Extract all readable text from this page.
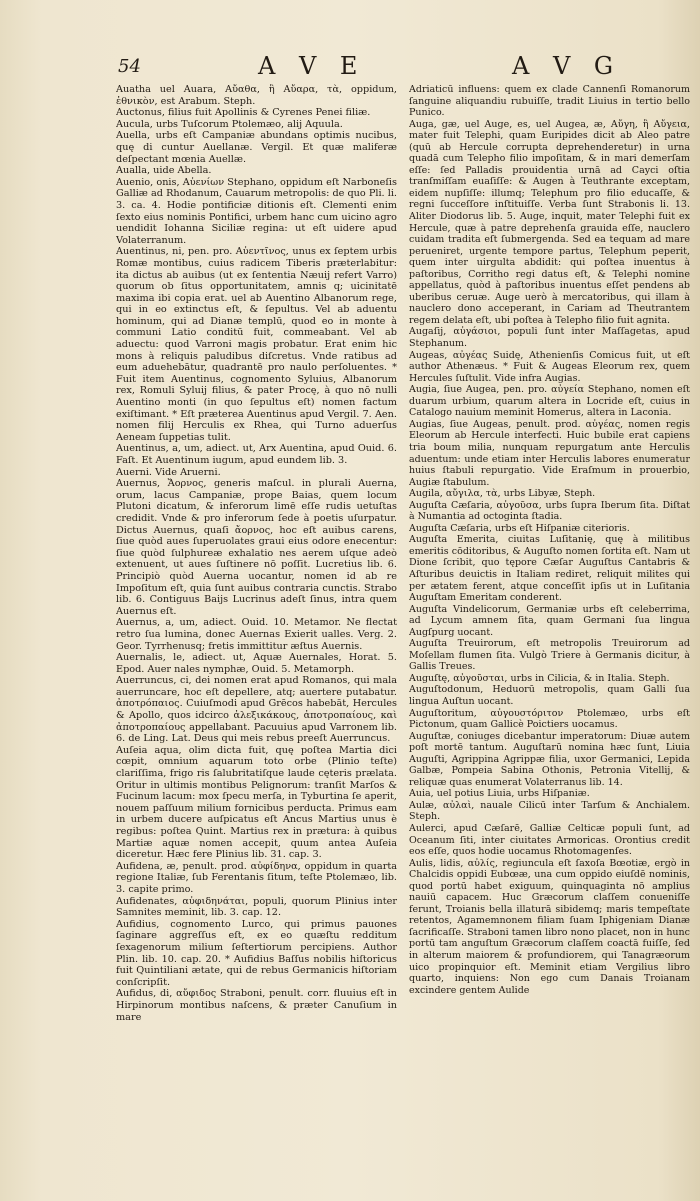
54	A V E	A V G
Auatha uel Auara, Αὔαθα, ἢ Αὔαρα, τὰ, oppidum, ἐθνικὸν, est Arabum. Steph.
Auctonus, filius fuit Apollinis & Cyrenes Penei filiæ.
Aucula, urbs Tuſcorum Ptolemæo, alij Aquula.
Auella, urbs eſt Campaniæ abundans optimis nucibus, quę di cuntur Auellanæ. Vergil. Et quæ maliferæ deſpectant mœnia Auellæ.
Aualla, uide Abella.
Auenio, onis, Αὐενίων Stephano, oppidum eſt Narboneſis Galliæ ad Rhodanum, Cauarum metropolis: de quo Pli. li. 3. ca. 4. Hodie pontificiæ ditionis eſt. Clementi enim ſexto eius nominis Pontifici, urbem hanc cum uicino agro uendidit Iohanna Siciliæ regina: ut eſt uidere apud Volaterranum.
Auentinus, ni, pen. pro. Αὐεντῖνος, unus ex ſeptem urbis Romæ montibus, cuius radicem Tiberis præterlabitur: ita dictus ab auibus (ut ex ſententia Næuij refert Varro) quorum ob ſitus opportunitatem, amnis q; uicinitatē maxima ibi copia erat. uel ab Auentino Albanorum rege, qui in eo extinctus eſt, & ſepultus. Vel ab aduentu hominum, qui ad Dianæ templū, quod eo in monte à communi Latio conditū fuit, commeabant. Vel ab aduectu: quod Varroni magis probatur. Erat enim hic mons à reliquis paludibus diſcretus. Vnde ratibus ad eum aduehebātur, quadrantē pro naulo perſoluentes. * Fuit item Auentinus, cognomento Syluius, Albanorum rex, Romuli Syluij filius, & pater Procę, à quo nō nulli Auentino monti (in quo ſepultus eſt) nomen factum exiſtimant. * Eſt præterea Auentinus apud Vergil. 7. Aen. nomen filij Herculis ex Rhea, qui Turno aduerſus Aeneam ſuppetias tulit.
Auentinus, a, um, adiect. ut, Arx Auentina, apud Ouid. 6. Faſt. Et Auentinum iugum, apud eundem lib. 3.
Auerni. Vide Aruerni.
Auernus, Ἄορνος, generis maſcul. in plurali Auerna, orum, lacus Campaniæ, prope Baias, quem locum Plutoni dicatum, & inferorum limē eſſe rudis uetuſtas credidit. Vnde & pro inferorum ſede à poetis uſurpatur. Dictus Auernus, quaſi ἄορνος, hoc eſt auibus carens, ſiue quòd aues ſuperuolates graui eius odore enecentur: ſiue quòd ſulphureæ exhalatio nes aerem uſque adeò extenuent, ut aues ſuſtinere nō poſſit. Lucretius lib. 6. Principiò quòd Auerna uocantur, nomen id ab re Impoſitum eſt, quia ſunt auibus contraria cunctis. Strabo lib. 6. Contiguus Baijs Lucrinus adeſt ſinus, intra quem Auernus eſt.
Auernus, a, um, adiect. Ouid. 10. Metamor. Ne flectat retro ſua lumina, donec Auernas Exierit ualles. Verg. 2. Geor. Tyrrhenusq; fretis immittitur æſtus Auernis.
Auernalis, le, adiect. ut, Aquæ Auernales, Horat. 5. Epod. Auer nales nymphæ, Ouid. 5. Metamorph.
Auerruncus, ci, dei nomen erat apud Romanos, qui mala auerruncare, hoc eſt depellere, atq; auertere putabatur. ἀποτρόπαιος. Cuiuſmodi apud Grēcos habebāt, Hercules & Apollo, quos idcirco ἀλεξικάκους, ἀποτροπαίους, καὶ ἀποτροπαίους appellabant. Pacuuius apud Varronem lib. 6. de Ling. Lat. Deus qui meis rebus preeſt Auerruncus.
Auſeia aqua, olim dicta fuit, quę poſtea Martia dici cœpit, omnium aquarum toto orbe (Plinio teſte) clariſſima, frigo ris ſalubritatiſque laude cęteris prælata. Oritur in ultimis montibus Pelignorum: tranſit Marſos & Fucinum lacum: mox ſpecu merſa, in Tyburtina ſe aperit, nouem paſſuum milium fornicibus perducta. Primus eam in urbem ducere auſpicatus eſt Ancus Martius unus è regibus: poſtea Quint. Martius rex in prætura: à quibus Martiæ aquæ nomen accepit, quum antea Auſeia diceretur. Hæc fere Plinius lib. 31. cap. 3.
Aufidena, æ, penult. prod. αὐφίδηνα, oppidum in quarta regione Italiæ, ſub Ferentanis ſitum, teſte Ptolemæo, lib. 3. capite primo.
Aufidenates, αὐφιδηνάται, populi, quorum Plinius inter Samnites meminit, lib. 3. cap. 12.
Aufidius, cognomento Lurco, qui primus pauones ſaginare aggreſſus eſt, ex eo quæſtu redditum ſexagenorum milium ſeſtertiorum percipiens. Author Plin. lib. 10. cap. 20. * Aufidius Baſſus nobilis hiſtoricus fuit Quintiliani ætate, qui de rebus Germanicis hiſtoriam conſcripſit.
Aufidus, di, αὔφιδος Straboni, penult. corr. fluuius eſt in Hirpinorum montibus naſcens, & præter Canuſium in mare
Adriaticū influens: quem ex clade Cannenſi Romanorum ſanguine aliquandiu rubuiſſe, tradit Liuius in tertio bello Punico.
Auga, gæ, uel Auge, es, uel Augea, æ, Αὔγη, ἢ Αὔγεια, mater fuit Telephi, quam Euripides dicit ab Aleo patre (quū ab Hercule corrupta deprehenderetur) in urna quadā cum Telepho filio impoſitam, & in mari demerſam eſſe: ſed Palladis prouidentia urnā ad Cayci oſtia tranſmiſſam euaſiſſe: & Augen à Teuthrante exceptam, eidem nupſiſſe: illumq; Telephum pro filio educaſſe, & regni ſucceſſore inſtituiſſe. Verba ſunt Strabonis li. 13. Aliter Diodorus lib. 5. Auge, inquit, mater Telephi fuit ex Hercule, quæ à patre deprehenſa grauida eſſe, nauclero cuidam tradita eſt ſubmergenda. Sed ea tequam ad mare perueniret, urgente tempore partus, Telephum peperit, quem inter uirgulta abdidit: qui poſtea inuentus à paſtoribus, Corritho regi datus eſt, & Telephi nomine appellatus, quòd à paſtoribus inuentus eſſet pendens ab uberibus ceruæ. Auge uerò à mercatoribus, qui illam à nauclero dono acceperant, in Cariam ad Theutrantem regem delata eſt, ubi poſtea à Telepho filio fuit agnita.
Augaſij, αὐγάσιοι, populi ſunt inter Maſſagetas, apud Stephanum.
Augeas, αὐγέας Suidę, Athenienſis Comicus fuit, ut eſt author Athenæus. * Fuit & Augeas Eleorum rex, quem Hercules ſuſtulit. Vide infra Augias.
Augia, ſiue Augea, pen. pro. αὐγεία Stephano, nomen eſt duarum urbium, quarum altera in Locride eſt, cuius in Catalogo nauium meminit Homerus, altera in Laconia.
Augias, ſiue Augeas, penult. prod. αὐγέας, nomen regis Eleorum ab Hercule interfecti. Huic bubile erat capiens tria boum milia, nunquam repurgatum ante Herculis aduentum: unde etiam inter Herculis labores enumeratur huius ſtabuli repurgatio. Vide Eraſmum in prouerbio, Augiæ ſtabulum.
Augila, αὔγιλα, τὰ, urbs Libyæ, Steph.
Auguſta Cæſaria, αὐγοῦσα, urbs ſupra Iberum ſita. Diſtat à Numantia ad octoginta ſtadia.
Auguſta Cæſaria, urbs eſt Hiſpaniæ citerioris.
Auguſta Emerita, ciuitas Luſitanię, quę à militibus emeritis cōditoribus, & Auguſto nomen ſortita eſt. Nam ut Dione ſcribit, quo tępore Cæſar Auguſtus Cantabris & Aſturibus deuictis in Italiam rediret, reliquit milites qui per ætatem ferent, atque conceſſit ipſis ut in Luſitania Auguſtam Emeritam conderent.
Auguſta Vindelicorum, Germaniæ urbs eſt celeberrima, ad Lycum amnem ſita, quam Germani ſua lingua Augſpurg uocant.
Auguſta Treuirorum, eſt metropolis Treuirorum ad Moſellam flumen ſita. Vulgò Triere à Germanis dicitur, à Gallis Treues.
Auguſtę, αὐγοῦσται, urbs in Cilicia, & in Italia. Steph.
Auguſtodonum, Heduorū metropolis, quam Galli ſua lingua Auſtun uocant.
Auguſtoritum, αὐγουστόριτον Ptolemæo, urbs eſt Pictonum, quam Gallicè Poictiers uocamus.
Auguſtæ, coniuges dicebantur imperatorum: Diuæ autem poſt mortē tantum. Auguſtarū nomina hæc ſunt, Liuia Auguſti, Agrippina Agrippæ filia, uxor Germanici, Lepida Galbæ, Pompeia Sabina Othonis, Petronia Vitellij, & reliquæ quas enumerat Volaterranus lib. 14.
Auia, uel potius Liuia, urbs Hiſpaniæ.
Aulæ, αὐλαὶ, nauale Cilicū inter Tarſum & Anchialem. Steph.
Aulerci, apud Cæſarē, Galliæ Celticæ populi ſunt, ad Oceanum ſiti, inter ciuitates Armoricas. Orontius credit eos eſſe, quos hodie uocamus Rhotomagenſes.
Aulis, lidis, αὐλίς, regiuncula eſt ſaxoſa Bœotiæ, ergò in Chalcidis oppidi Eubœæ, una cum oppido eiuſdē nominis, quod portū habet exiguum, quinquaginta nō amplius nauiū capacem. Huc Græcorum claſſem conueniſſe ferunt, Troianis bella illaturā sibidemq; maris tempeſtate retentos, Agamemnonem filiam ſuam Iphigeniam Dianæ ſacrificaſſe. Straboni tamen libro nono placet, non in hunc portū tam anguſtum Græcorum claſſem coactā fuiſſe, ſed in alterum maiorem & profundiorem, qui Tanagræorum uico propinquior eſt. Meminit etiam Vergilius libro quarto, inquiens: Non ego cum Danais Troianam excindere gentem Aulide
